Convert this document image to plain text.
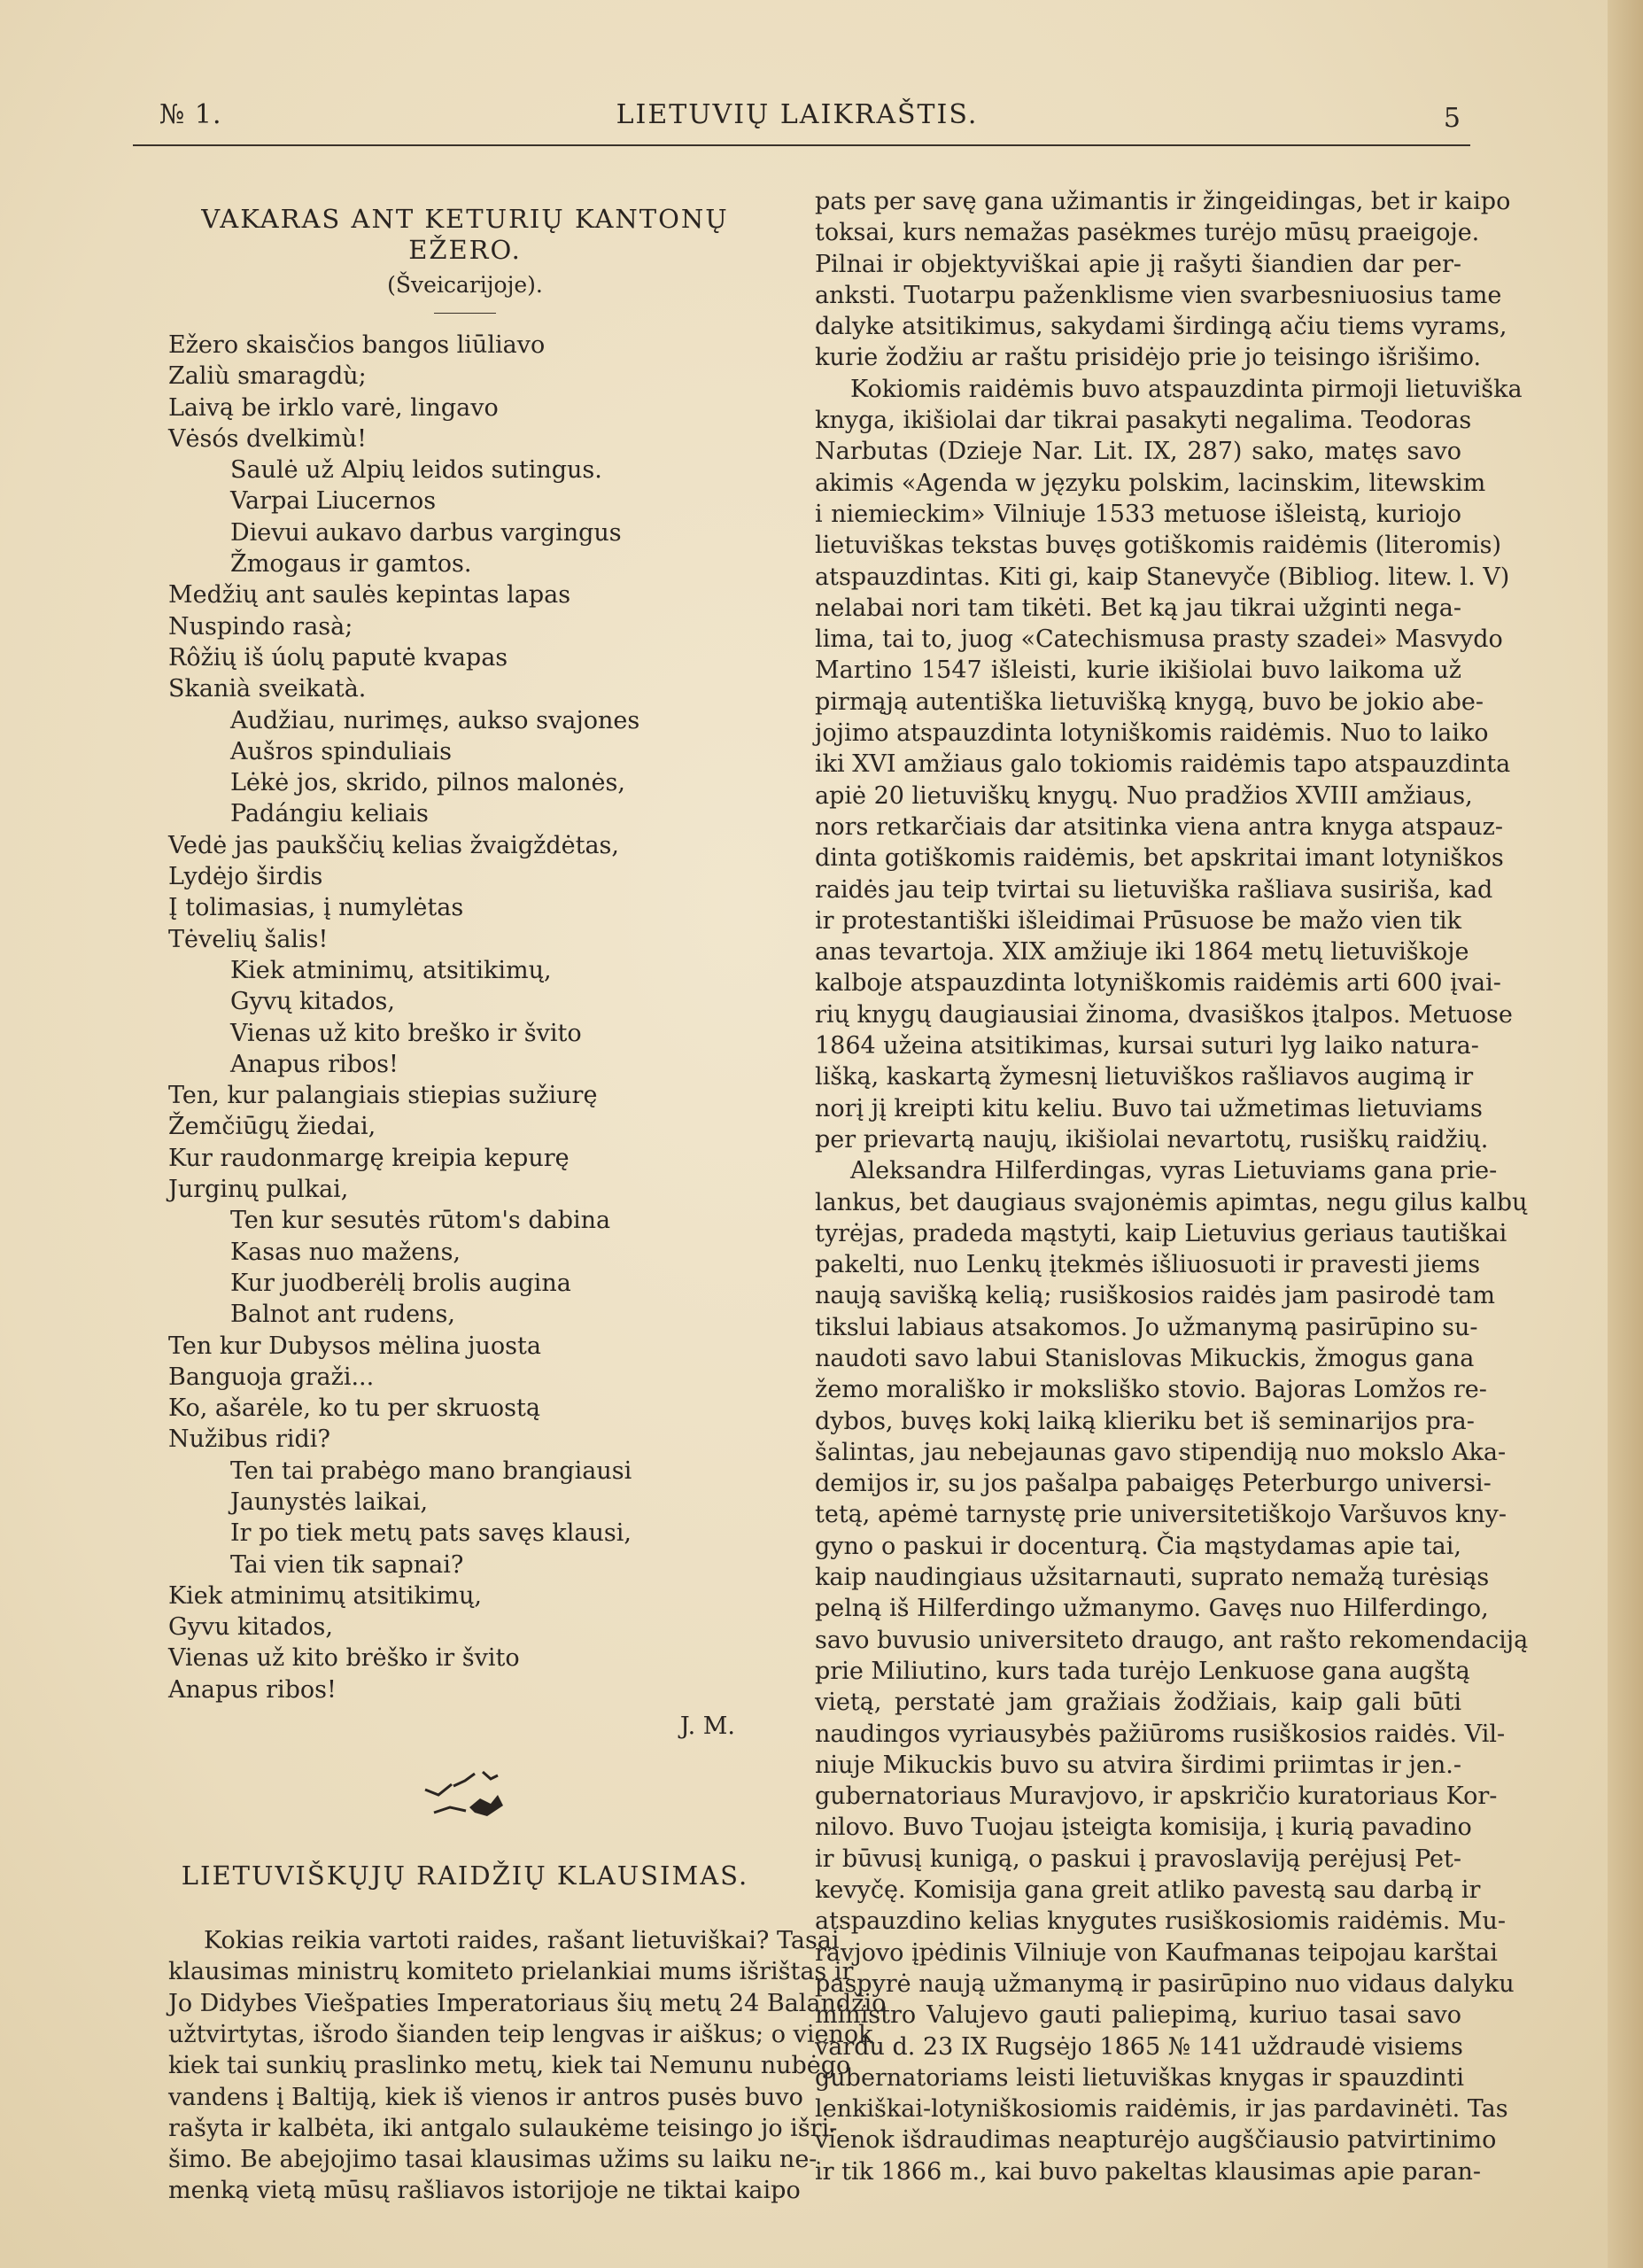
№ 1.	LIETUVIŲ LAIKRAŠTIS.	5

VAKARAS ANT KETURIŲ KANTONŲ EŽERO.

(Šveicarijoje).

Ežero skaisčios bangos liūliavo
Zaliù smaragdù;
Laivą be irklo varė, lingavo
Vėsós dvelkimù!
Saulė už Alpių leidos sutingus.
Varpai Liucernos
Dievui aukavo darbus vargingus
Žmogaus ir gamtos.
Medžių ant saulės kepintas lapas
Nuspindo rasà;
Rôžių iš úolų paputė kvapas
Skanià sveikatà.
Audžiau, nurimęs, aukso svajones
Aušros spinduliais
Lėkė jos, skrido, pilnos malonės,
Padángiu keliais
Vedė jas paukščių kelias žvaigždėtas,
Lydėjo širdis
Į tolimasias, į numylėtas
Tėvelių šalis!
Kiek atminimų, atsitikimų,
Gyvų kitados,
Vienas už kito breško ir švito
Anapus ribos!
Ten, kur palangiais stiepias sužiurę
Žemčiūgų žiedai,
Kur raudonmargę kreipia kepurę
Jurginų pulkai,
Ten kur sesutės rūtom's dabina
Kasas nuo mažens,
Kur juodberėlį brolis augina
Balnot ant rudens,
Ten kur Dubysos mėlina juosta
Banguoja graži...
Ko, ašarėle, ko tu per skruostą
Nužibus ridi?
Ten tai prabėgo mano brangiausi
Jaunystės laikai,
Ir po tiek metų pats savęs klausi,
Tai vien tik sapnai?
Kiek atminimų atsitikimų,
Gyvu kitados,
Vienas už kito brėško ir švito
Anapus ribos!
J. M.

LIETUVIŠKŲJŲ RAIDŽIŲ KLAUSIMAS.

Kokias reikia vartoti raides, rašant lietuviškai? Tasai
klausimas ministrų komiteto prielankiai mums išrištas ir
Jo Didybes Viešpaties Imperatoriaus šių metų 24 Balandžio
užtvirtytas, išrodo šianden teip lengvas ir aiškus; o vienok
kiek tai sunkių praslinko metų, kiek tai Nemunu nubėgo
vandens į Baltiją, kiek iš vienos ir antros pusės buvo
rašyta ir kalbėta, iki antgalo sulaukėme teisingo jo išri-
šimo. Be abejojimo tasai klausimas užims su laiku ne-
menką vietą mūsų rašliavos istorijoje ne tiktai kaipo
pats per savę gana užimantis ir žingeidingas, bet ir kaipo
toksai, kurs nemažas pasėkmes turėjo mūsų praeigoje.
Pilnai ir objektyviškai apie jį rašyti šiandien dar per-
anksti. Tuotarpu paženklisme vien svarbesniuosius tame
dalyke atsitikimus, sakydami širdingą ačiu tiems vyrams,
kurie žodžiu ar raštu prisidėjo prie jo teisingo išrišimo.
Kokiomis raidėmis buvo atspauzdinta pirmoji lietuviška
knyga, ikišiolai dar tikrai pasakyti negalima. Teodoras
Narbutas (Dzieje Nar. Lit. IX, 287) sako, matęs savo
akimis «Agenda w języku polskim, lacinskim, litewskim
i niemieckim» Vilniuje 1533 metuose išleistą, kuriojo
lietuviškas tekstas buvęs gotiškomis raidėmis (literomis)
atspauzdintas. Kiti gi, kaip Stanevyče (Bibliog. litew. l. V)
nelabai nori tam tikėti. Bet ką jau tikrai užginti nega-
lima, tai to, juog «Catechismusa prasty szadei» Masvydo
Martino 1547 išleisti, kurie ikišiolai buvo laikoma už
pirmąją autentiška lietuvišką knygą, buvo be jokio abe-
jojimo atspauzdinta lotyniškomis raidėmis. Nuo to laiko
iki XVI amžiaus galo tokiomis raidėmis tapo atspauzdinta
apiė 20 lietuviškų knygų. Nuo pradžios XVIII amžiaus,
nors retkarčiais dar atsitinka viena antra knyga atspauz-
dinta gotiškomis raidėmis, bet apskritai imant lotyniškos
raidės jau teip tvirtai su lietuviška rašliava susiriša, kad
ir protestantiški išleidimai Prūsuose be mažo vien tik
anas tevartoja. XIX amžiuje iki 1864 metų lietuviškoje
kalboje atspauzdinta lotyniškomis raidėmis arti 600 įvai-
rių knygų daugiausiai žinoma, dvasiškos įtalpos. Metuose
1864 užeina atsitikimas, kursai suturi lyg laiko natura-
lišką, kaskartą žymesnį lietuviškos rašliavos augimą ir
norį jį kreipti kitu keliu. Buvo tai užmetimas lietuviams
per prievartą naujų, ikišiolai nevartotų, rusiškų raidžių.
Aleksandra Hilferdingas, vyras Lietuviams gana prie-
lankus, bet daugiaus svajonėmis apimtas, negu gilus kalbų
tyrėjas, pradeda mąstyti, kaip Lietuvius geriaus tautiškai
pakelti, nuo Lenkų įtekmės išliuosuoti ir pravesti jiems
naują savišką kelią; rusiškosios raidės jam pasirodė tam
tikslui labiaus atsakomos. Jo užmanymą pasirūpino su-
naudoti savo labui Stanislovas Mikuckis, žmogus gana
žemo morališko ir moksliško stovio. Bajoras Lomžos re-
dybos, buvęs kokį laiką klieriku bet iš seminarijos pra-
šalintas, jau nebejaunas gavo stipendiją nuo mokslo Aka-
demijos ir, su jos pašalpa pabaigęs Peterburgo universi-
tetą, apėmė tarnystę prie universitetiškojo Varšuvos kny-
gyno o paskui ir docenturą. Čia mąstydamas apie tai,
kaip naudingiaus užsitarnauti, suprato nemažą turėsiąs
pelną iš Hilferdingo užmanymo. Gavęs nuo Hilferdingo,
savo buvusio universiteto draugo, ant rašto rekomendaciją
prie Miliutino, kurs tada turėjo Lenkuose gana augštą
vietą, perstatė jam gražiais žodžiais, kaip gali būti
naudingos vyriausybės pažiūroms rusiškosios raidės. Vil-
niuje Mikuckis buvo su atvira širdimi priimtas ir jen.-
gubernatoriaus Muravjovo, ir apskričio kuratoriaus Kor-
nilovo. Buvo Tuojau įsteigta komisija, į kurią pavadino
ir būvusį kunigą, o paskui į pravoslaviją perėjusį Pet-
kevyčę. Komisija gana greit atliko pavestą sau darbą ir
atspauzdino kelias knygutes rusiškosiomis raidėmis. Mu-
ravjovo įpėdinis Vilniuje von Kaufmanas teipojau karštai
paspyrė naują užmanymą ir pasirūpino nuo vidaus dalyku
ministro Valujevo gauti paliepimą, kuriuo tasai savo
vardu d. 23 IX Rugsėjo 1865 № 141 uždraudė visiems
gubernatoriams leisti lietuviškas knygas ir spauzdinti
lenkiškai-lotyniškosiomis raidėmis, ir jas pardavinėti. Tas
vienok išdraudimas neapturėjo augščiausio patvirtinimo
ir tik 1866 m., kai buvo pakeltas klausimas apie paran-
